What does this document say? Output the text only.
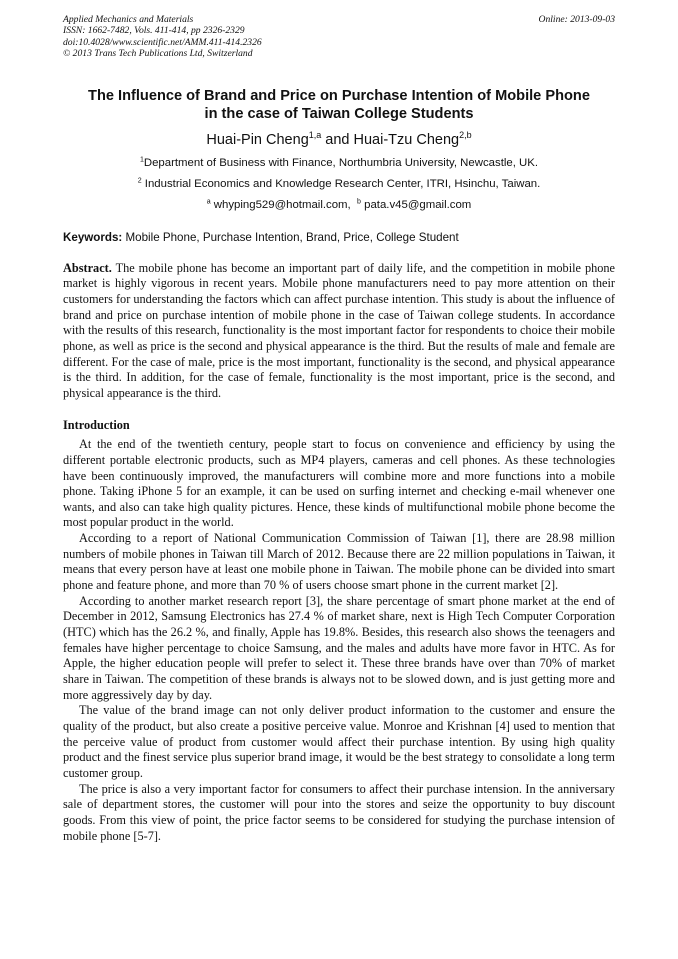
Applied Mechanics and Materials
ISSN: 1662-7482, Vols. 411-414, pp 2326-2329
doi:10.4028/www.scientific.net/AMM.411-414.2326
© 2013 Trans Tech Publications Ltd, Switzerland
Online: 2013-09-03
The Influence of Brand and Price on Purchase Intention of Mobile Phone
in the case of Taiwan College Students
Huai-Pin Cheng$^{1,a}$ and Huai-Tzu Cheng$^{2,b}$
$^1$Department of Business with Finance, Northumbria University, Newcastle, UK.
$^2$ Industrial Economics and Knowledge Research Center, ITRI, Hsinchu, Taiwan.
$^a$ whyping529@hotmail.com, $^b$ pata.v45@gmail.com
Keywords: Mobile Phone, Purchase Intention, Brand, Price, College Student

Abstract. The mobile phone has become an important part of daily life, and the competition in mobile phone market is highly vigorous in recent years. Mobile phone manufacturers need to pay more attention on their customers for understanding the factors which can affect purchase intention. This study is about the influence of brand and price on purchase intention of mobile phone in the case of Taiwan college students. In accordance with the results of this research, functionality is the most important factor for respondents to choice their mobile phone, as well as price is the second and physical appearance is the third. But the results of male and female are different. For the case of male, price is the most important, functionality is the second, and physical appearance is the third. In addition, for the case of female, functionality is the most important, price is the second, and physical appearance is the third.

Introduction

At the end of the twentieth century, people start to focus on convenience and efficiency by using the different portable electronic products, such as MP4 players, cameras and cell phones. As these technologies have been continuously improved, the manufacturers will combine more and more functions into a mobile phone. Taking iPhone 5 for an example, it can be used on surfing internet and checking e-mail whenever one wants, and also can take high quality pictures. Hence, these kinds of multifunctional mobile phone become the most popular product in the world.

According to a report of National Communication Commission of Taiwan [1], there are 28.98 million numbers of mobile phones in Taiwan till March of 2012. Because there are 22 million populations in Taiwan, it means that every person have at least one mobile phone in Taiwan. The mobile phone can be divided into smart phone and feature phone, and more than 70 % of users choose smart phone in the current market [2].

According to another market research report [3], the share percentage of smart phone market at the end of December in 2012, Samsung Electronics has 27.4 % of market share, next is High Tech Computer Corporation (HTC) which has the 26.2 %, and finally, Apple has 19.8%. Besides, this research also shows the teenagers and females have higher percentage to choice Samsung, and the males and adults have more favor in HTC. As for Apple, the higher education people will prefer to select it. These three brands have over than 70% of market share in Taiwan. The competition of these brands is always not to be slowed down, and is just getting more and more aggressively day by day.

The value of the brand image can not only deliver product information to the customer and ensure the quality of the product, but also create a positive perceive value. Monroe and Krishnan [4] used to mention that the perceive value of product from customer would affect their purchase intention. By using high quality product and the finest service plus superior brand image, it would be the best strategy to consolidate a long term customer group.

The price is also a very important factor for consumers to affect their purchase intension. In the anniversary sale of department stores, the customer will pour into the stores and seize the opportunity to buy discount goods. From this view of point, the price factor seems to be considered for studying the purchase intension of mobile phone [5-7].
